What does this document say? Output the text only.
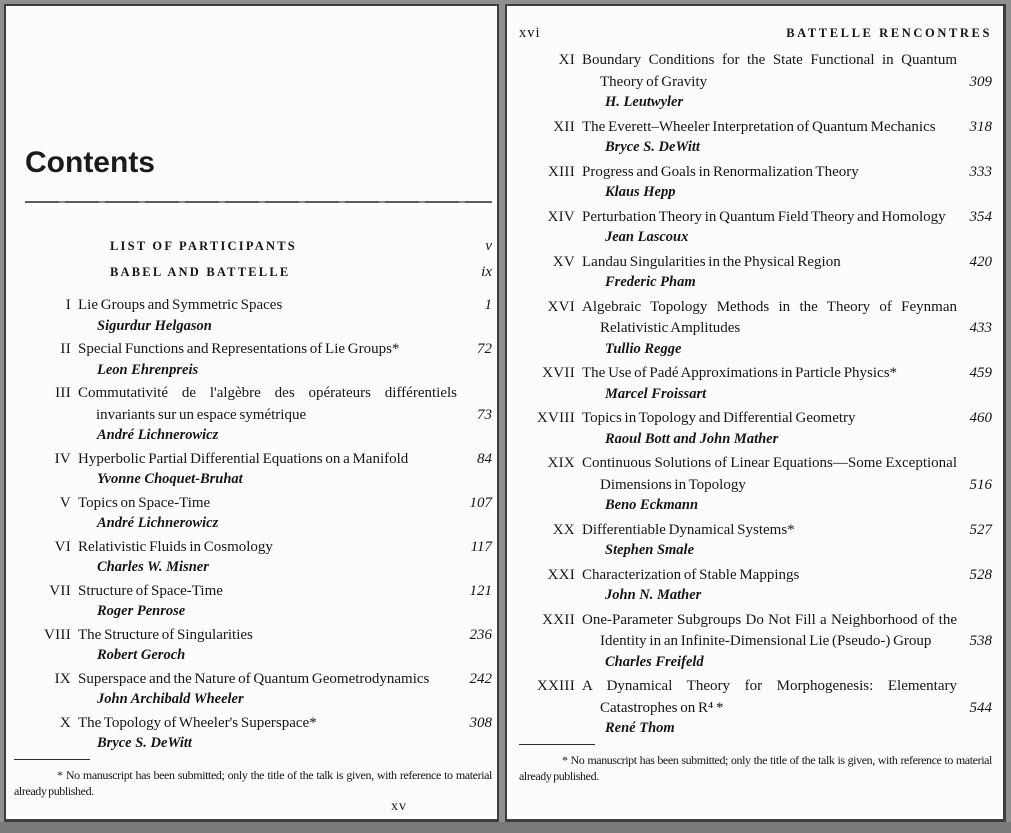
Contents
LIST OF PARTICIPANTS	v
BABEL AND BATTELLE	ix
I Lie Groups and Symmetric Spaces	1
Sigurdur Helgason
II Special Functions and Representations of Lie Groups*	72
Leon Ehrenpreis
III Commutativité de l'algèbre des opérateurs différentiels invariants sur un espace symétrique	73
André Lichnerowicz
IV Hyperbolic Partial Differential Equations on a Manifold	84
Yvonne Choquet-Bruhat
V Topics on Space-Time	107
André Lichnerowicz
VI Relativistic Fluids in Cosmology	117
Charles W. Misner
VII Structure of Space-Time	121
Roger Penrose
VIII The Structure of Singularities	236
Robert Geroch
IX Superspace and the Nature of Quantum Geometrodynamics	242
John Archibald Wheeler
X The Topology of Wheeler's Superspace*	308
Bryce S. DeWitt
* No manuscript has been submitted; only the title of the talk is given, with reference to material already published.
xv
xvi	BATTELLE RENCONTRES
XI Boundary Conditions for the State Functional in Quantum Theory of Gravity	309
H. Leutwyler
XII The Everett–Wheeler Interpretation of Quantum Mechanics	318
Bryce S. DeWitt
XIII Progress and Goals in Renormalization Theory	333
Klaus Hepp
XIV Perturbation Theory in Quantum Field Theory and Homology	354
Jean Lascoux
XV Landau Singularities in the Physical Region	420
Frederic Pham
XVI Algebraic Topology Methods in the Theory of Feynman Relativistic Amplitudes	433
Tullio Regge
XVII The Use of Padé Approximations in Particle Physics*	459
Marcel Froissart
XVIII Topics in Topology and Differential Geometry	460
Raoul Bott and John Mather
XIX Continuous Solutions of Linear Equations—Some Exceptional Dimensions in Topology	516
Beno Eckmann
XX Differentiable Dynamical Systems*	527
Stephen Smale
XXI Characterization of Stable Mappings	528
John N. Mather
XXII One-Parameter Subgroups Do Not Fill a Neighborhood of the Identity in an Infinite-Dimensional Lie (Pseudo-) Group	538
Charles Freifeld
XXIII A Dynamical Theory for Morphogenesis: Elementary Catastrophes on R⁴ *	544
René Thom
* No manuscript has been submitted; only the title of the talk is given, with reference to material already published.
